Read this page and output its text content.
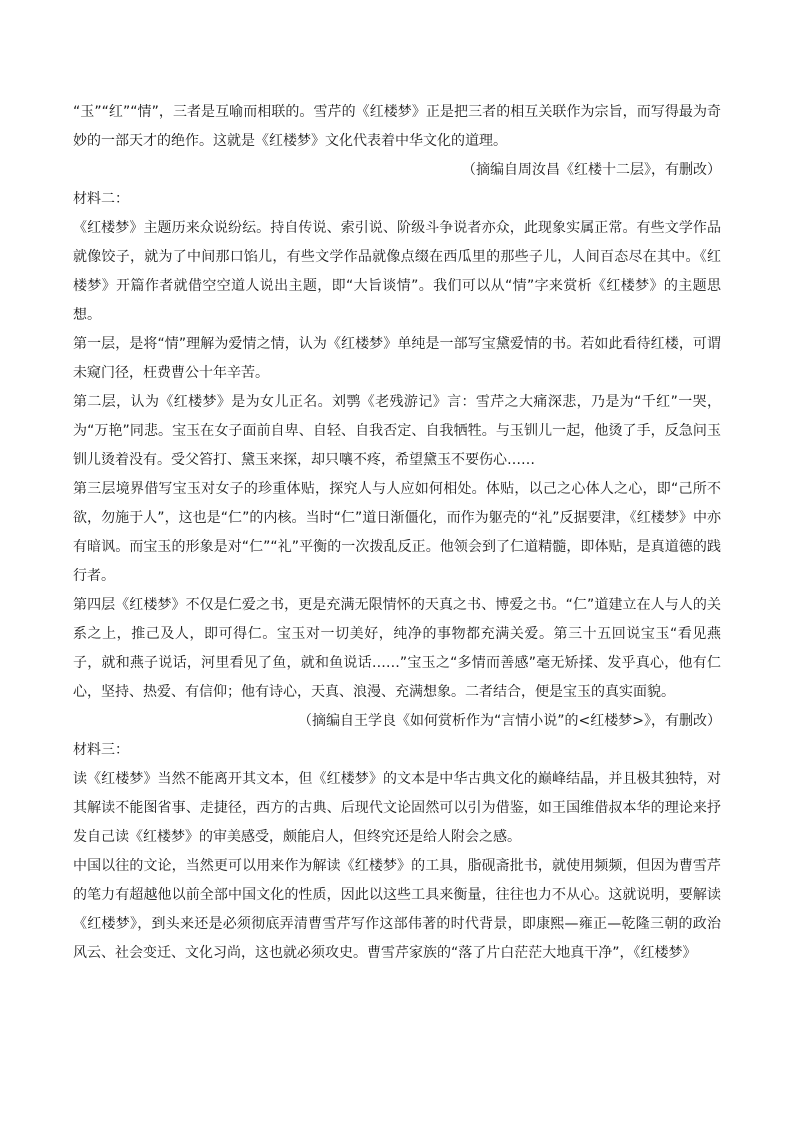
“玉”“红”“情”，三者是互喻而相联的。雪芹的《红楼梦》正是把三者的相互关联作为宗旨，而写得最为奇妙的一部天才的绝作。这就是《红楼梦》文化代表着中华文化的道理。

（摘编自周汝昌《红楼十二层》，有删改）

材料二：

《红楼梦》主题历来众说纷纭。持自传说、索引说、阶级斗争说者亦众，此现象实属正常。有些文学作品就像饺子，就为了中间那口馅儿，有些文学作品就像点缀在西瓜里的那些子儿，人间百态尽在其中。《红楼梦》开篇作者就借空空道人说出主题，即“大旨谈情”。我们可以从“情”字来赏析《红楼梦》的主题思想。

第一层，是将“情”理解为爱情之情，认为《红楼梦》单纯是一部写宝黛爱情的书。若如此看待红楼，可谓未窥门径，枉费曹公十年辛苦。

第二层，认为《红楼梦》是为女儿正名。刘鹗《老残游记》言：雪芹之大痛深悲，乃是为“千红”一哭，为“万艳”同悲。宝玉在女子面前自卑、自轻、自我否定、自我牺牲。与玉钏儿一起，他烫了手，反急问玉钏儿烫着没有。受父笞打、黛玉来探，却只嚷不疼，希望黛玉不要伤心……

第三层境界借写宝玉对女子的珍重体贴，探究人与人应如何相处。体贴，以己之心体人之心，即“己所不欲，勿施于人”，这也是“仁”的内核。当时“仁”道日渐僵化，而作为躯壳的“礼”反据要津，《红楼梦》中亦有暗讽。而宝玉的形象是对“仁”“礼”平衡的一次拨乱反正。他领会到了仁道精髓，即体贴，是真道德的践行者。

第四层《红楼梦》不仅是仁爱之书，更是充满无限情怀的天真之书、博爱之书。“仁”道建立在人与人的关系之上，推己及人，即可得仁。宝玉对一切美好，纯净的事物都充满关爱。第三十五回说宝玉“看见燕子，就和燕子说话，河里看见了鱼，就和鱼说话……”宝玉之“多情而善感”毫无矫揉、发乎真心，他有仁心，坚持、热爱、有信仰；他有诗心，天真、浪漫、充满想象。二者结合，便是宝玉的真实面貌。

（摘编自王学良《如何赏析作为“言情小说”的<红楼梦>》，有删改）

材料三：

读《红楼梦》当然不能离开其文本，但《红楼梦》的文本是中华古典文化的巅峰结晶，并且极其独特，对其解读不能图省事、走捷径，西方的古典、后现代文论固然可以引为借鉴，如王国维借叔本华的理论来抒发自己读《红楼梦》的审美感受，颇能启人，但终究还是给人附会之感。

中国以往的文论，当然更可以用来作为解读《红楼梦》的工具，脂砚斋批书，就使用频频，但因为曹雪芹的笔力有超越他以前全部中国文化的性质，因此以这些工具来衡量，往往也力不从心。这就说明，要解读《红楼梦》，到头来还是必须彻底弄清曹雪芹写作这部伟著的时代背景，即康熙—雍正—乾隆三朝的政治风云、社会变迁、文化习尚，这也就必须攻史。曹雪芹家族的“落了片白茫茫大地真干净”，《红楼梦》
